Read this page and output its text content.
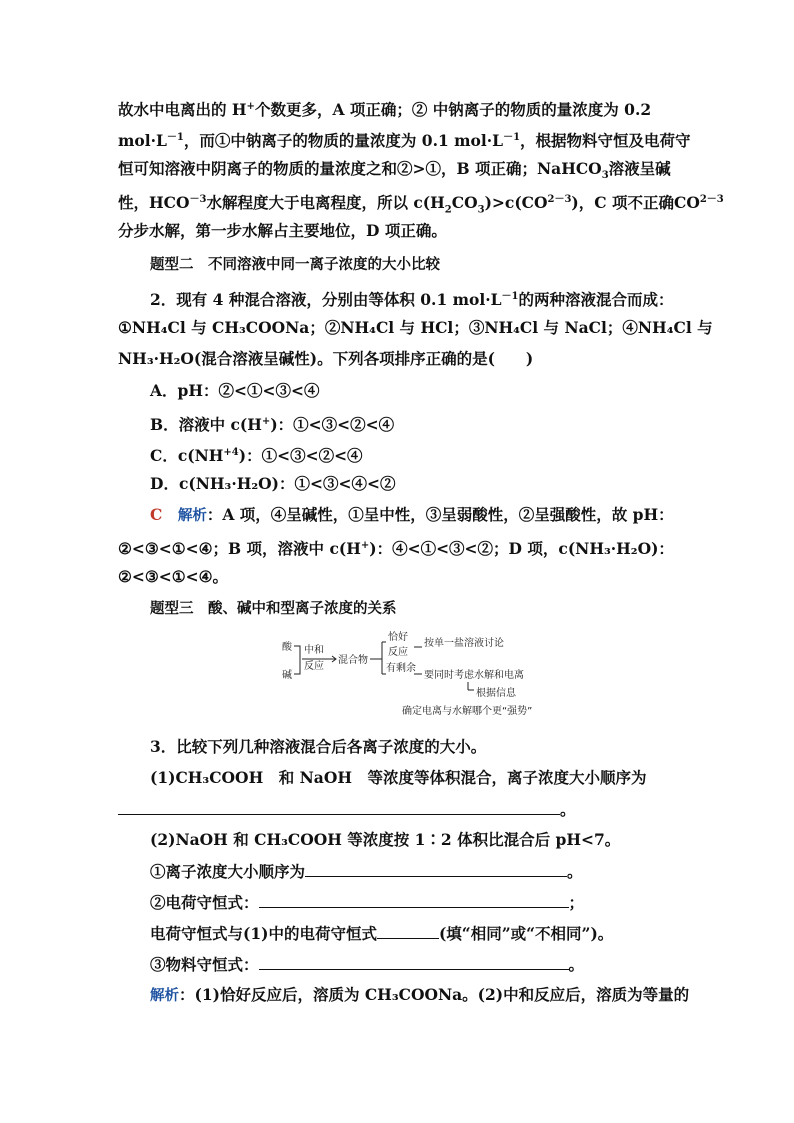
故水中电离出的 H+个数更多，A 项正确；② 中钠离子的物质的量浓度为 0.2
$mol\cdot L^{-1}$，而①中钠离子的物质的量浓度为 0.1 $mol\cdot L^{-1}$，根据物料守恒及电荷守
恒可知溶液中阴离子的物质的量浓度之和②>①，B 项正确；NaHCO$_3$溶液呈碱
性，$HCO^{-3}$水解程度大于电离程度，所以 $c(H_2CO_3)>c(CO^{2-3})$，C 项不正确$CO^{2-3}$
分步水解，第一步水解占主要地位，D 项正确。
题型二　不同溶液中同一离子浓度的大小比较
2．现有 4 种混合溶液，分别由等体积 0.1 $mol\cdot L^{-1}$的两种溶液混合而成：
①NH₄Cl 与 CH₃COONa；②NH₄Cl 与 HCl；③NH₄Cl 与 NaCl；④NH₄Cl 与
NH₃·H₂O(混合溶液呈碱性)。下列各项排序正确的是(　　)
A．pH：②<①<③<④
B．溶液中 c(H+)：①<③<②<④
C．$c(NH^{+4})$：①<③<②<④
D．c(NH₃·H₂O)：①<③<④<②
C　 解析：A 项，④呈碱性，①呈中性，③呈弱酸性，②呈强酸性，故 pH：
②<③<①<④；B 项，溶液中 c(H+)：④<①<③<②；D 项，c(NH₃·H₂O)：
②<③<①<④。
题型三　酸、碱中和型离子浓度的关系
酸
碱
中和
反应
混合物
恰好
反应
有剩余
按单一盐溶液讨论
要同时考虑水解和电离
根据信息
确定电离与水解哪个更“强势”
3．比较下列几种溶液混合后各离子浓度的大小。
(1)CH₃COOH　和 NaOH　等浓度等体积混合，离子浓度大小顺序为
。
(2)NaOH 和 CH₃COOH 等浓度按 1∶2 体积比混合后 pH<7。
①离子浓度大小顺序为	。
②电荷守恒式：	；
电荷守恒式与(1)中的电荷守恒式	(填“相同”或“不相同”)。
③物料守恒式：	。
解析：(1)恰好反应后，溶质为 CH₃COONa。(2)中和反应后，溶质为等量的
